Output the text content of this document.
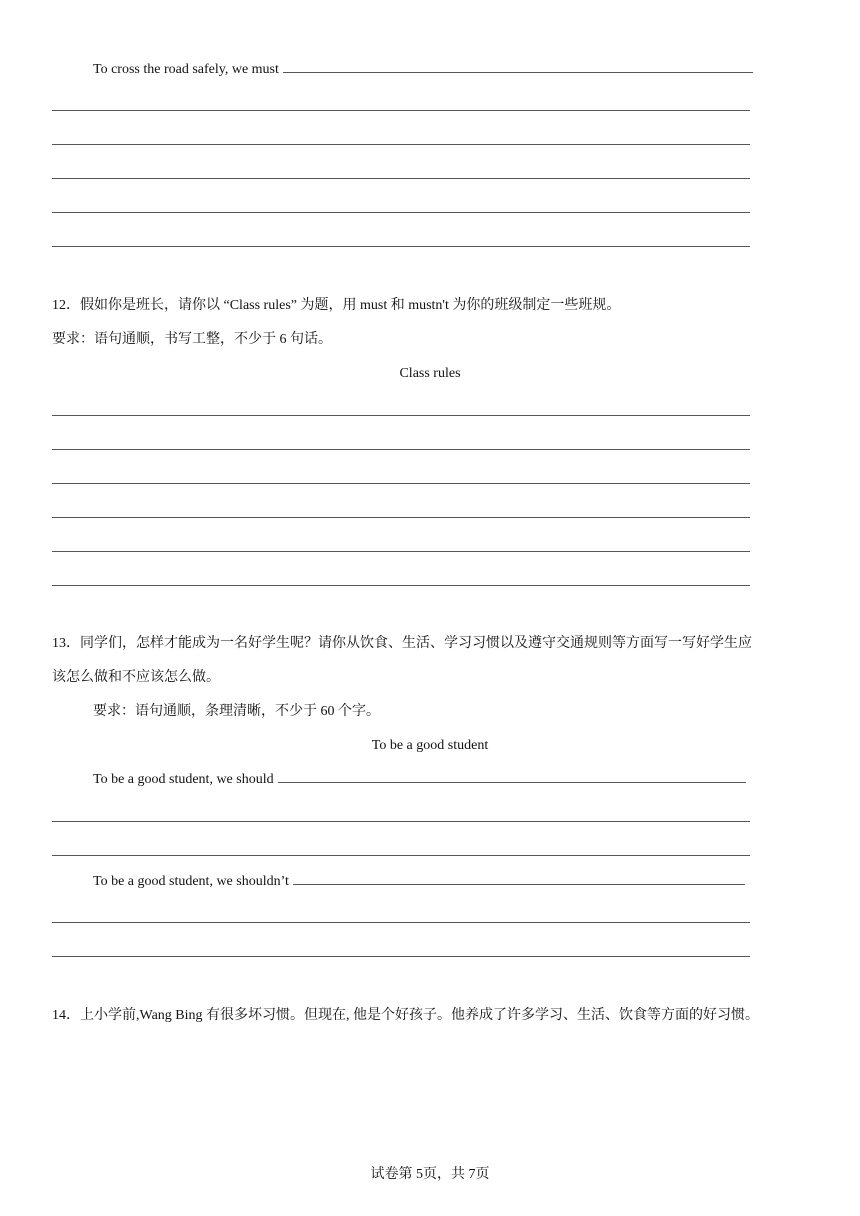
To cross the road safely, we must
12．假如你是班长，请你以 “Class rules” 为题，用 must 和 mustn't 为你的班级制定一些班规。
要求：语句通顺，书写工整，不少于 6 句话。
Class rules
13．同学们，怎样才能成为一名好学生呢？请你从饮食、生活、学习习惯以及遵守交通规则等方面写一写好学生应
该怎么做和不应该怎么做。
要求：语句通顺，条理清晰，不少于 60 个字。
To be a good student
To be a good student, we should
To be a good student, we shouldn’t
14．上小学前,Wang Bing 有很多坏习惯。但现在, 他是个好孩子。他养成了许多学习、生活、饮食等方面的好习惯。
试卷第 5页，共 7页
